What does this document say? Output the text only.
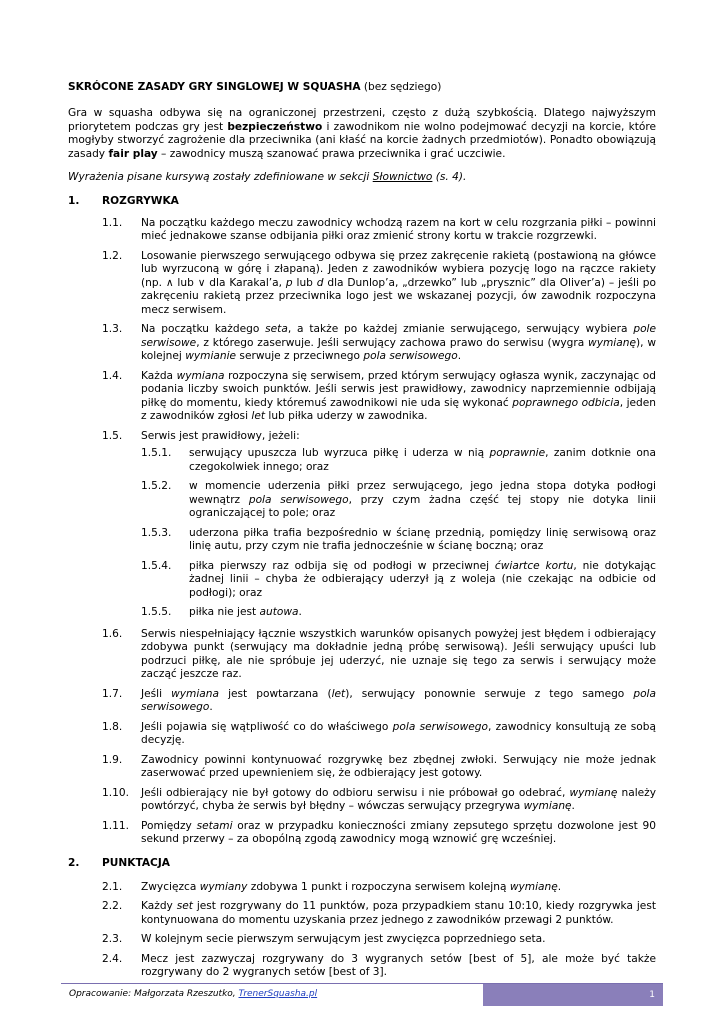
SKRÓCONE ZASADY GRY SINGLOWEJ W SQUASHA (bez sędziego)

Gra w squasha odbywa się na ograniczonej przestrzeni, często z dużą szybkością. Dlatego najwyższym priorytetem podczas gry jest bezpieczeństwo i zawodnikom nie wolno podejmować decyzji na korcie, które mogłyby stworzyć zagrożenie dla przeciwnika (ani kłaść na korcie żadnych przedmiotów). Ponadto obowiązują zasady fair play – zawodnicy muszą szanować prawa przeciwnika i grać uczciwie.

Wyrażenia pisane kursywą zostały zdefiniowane w sekcji Słownictwo (s. 4).

1. ROZGRYWKA
1.1. Na początku każdego meczu zawodnicy wchodzą razem na kort w celu rozgrzania piłki – powinni mieć jednakowe szanse odbijania piłki oraz zmienić strony kortu w trakcie rozgrzewki.
1.2. Losowanie pierwszego serwującego odbywa się przez zakręcenie rakietą (postawioną na główce lub wyrzuconą w górę i złapaną). Jeden z zawodników wybiera pozycję logo na rączce rakiety (np. ∧ lub ∨ dla Karakal’a, p lub d dla Dunlop’a, „drzewko” lub „prysznic” dla Oliver’a) – jeśli po zakręceniu rakietą przez przeciwnika logo jest we wskazanej pozycji, ów zawodnik rozpoczyna mecz serwisem.
1.3. Na początku każdego seta, a także po każdej zmianie serwującego, serwujący wybiera pole serwisowe, z którego zaserwuje. Jeśli serwujący zachowa prawo do serwisu (wygra wymianę), w kolejnej wymianie serwuje z przeciwnego pola serwisowego.
1.4. Każda wymiana rozpoczyna się serwisem, przed którym serwujący ogłasza wynik, zaczynając od podania liczby swoich punktów. Jeśli serwis jest prawidłowy, zawodnicy naprzemiennie odbijają piłkę do momentu, kiedy któremuś zawodnikowi nie uda się wykonać poprawnego odbicia, jeden z zawodników zgłosi let lub piłka uderzy w zawodnika.
1.5. Serwis jest prawidłowy, jeżeli:
1.5.1. serwujący upuszcza lub wyrzuca piłkę i uderza w nią poprawnie, zanim dotknie ona czegokolwiek innego; oraz
1.5.2. w momencie uderzenia piłki przez serwującego, jego jedna stopa dotyka podłogi wewnątrz pola serwisowego, przy czym żadna część tej stopy nie dotyka linii ograniczającej to pole; oraz
1.5.3. uderzona piłka trafia bezpośrednio w ścianę przednią, pomiędzy linię serwisową oraz linię autu, przy czym nie trafia jednocześnie w ścianę boczną; oraz
1.5.4. piłka pierwszy raz odbija się od podłogi w przeciwnej ćwiartce kortu, nie dotykając żadnej linii – chyba że odbierający uderzył ją z woleja (nie czekając na odbicie od podłogi); oraz
1.5.5. piłka nie jest autowa.
1.6. Serwis niespełniający łącznie wszystkich warunków opisanych powyżej jest błędem i odbierający zdobywa punkt (serwujący ma dokładnie jedną próbę serwisową). Jeśli serwujący upuści lub podrzuci piłkę, ale nie spróbuje jej uderzyć, nie uznaje się tego za serwis i serwujący może zacząć jeszcze raz.
1.7. Jeśli wymiana jest powtarzana (let), serwujący ponownie serwuje z tego samego pola serwisowego.
1.8. Jeśli pojawia się wątpliwość co do właściwego pola serwisowego, zawodnicy konsultują ze sobą decyzję.
1.9. Zawodnicy powinni kontynuować rozgrywkę bez zbędnej zwłoki. Serwujący nie może jednak zaserwować przed upewnieniem się, że odbierający jest gotowy.
1.10. Jeśli odbierający nie był gotowy do odbioru serwisu i nie próbował go odebrać, wymianę należy powtórzyć, chyba że serwis był błędny – wówczas serwujący przegrywa wymianę.
1.11. Pomiędzy setami oraz w przypadku konieczności zmiany zepsutego sprzętu dozwolone jest 90 sekund przerwy – za obopólną zgodą zawodnicy mogą wznowić grę wcześniej.
2. PUNKTACJA
2.1. Zwycięzca wymiany zdobywa 1 punkt i rozpoczyna serwisem kolejną wymianę.
2.2. Każdy set jest rozgrywany do 11 punktów, poza przypadkiem stanu 10:10, kiedy rozgrywka jest kontynuowana do momentu uzyskania przez jednego z zawodników przewagi 2 punktów.
2.3. W kolejnym secie pierwszym serwującym jest zwycięzca poprzedniego seta.
2.4. Mecz jest zazwyczaj rozgrywany do 3 wygranych setów [best of 5], ale może być także rozgrywany do 2 wygranych setów [best of 3].
Opracowanie: Małgorzata Rzeszutko, TrenerSquasha.pl	1
